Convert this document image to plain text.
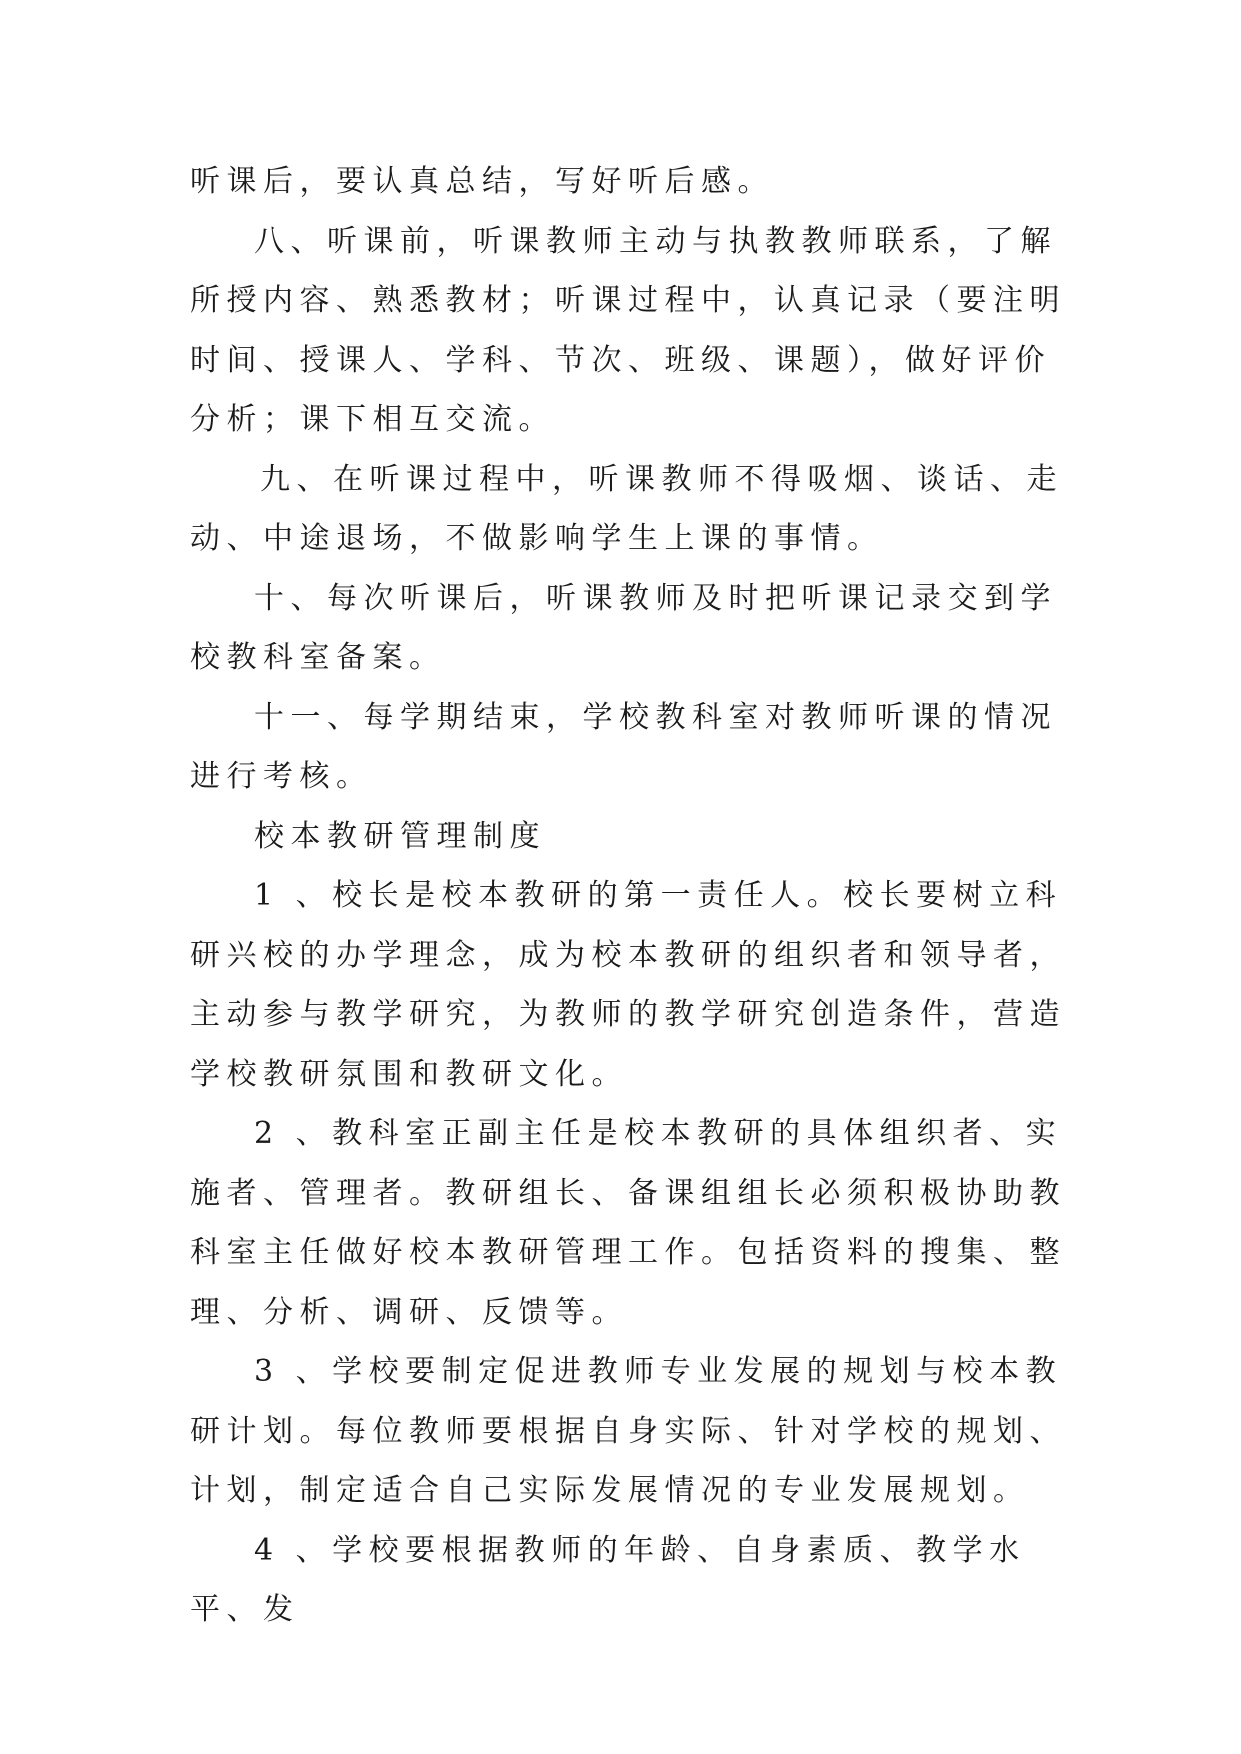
听课后，要认真总结，写好听后感。

八、听课前，听课教师主动与执教教师联系，了解所授内容、熟悉教材；听课过程中，认真记录（要注明时间、授课人、学科、节次、班级、课题），做好评价分析；课下相互交流。

九、在听课过程中，听课教师不得吸烟、谈话、走动、中途退场，不做影响学生上课的事情。

十、每次听课后，听课教师及时把听课记录交到学校教科室备案。

十一、每学期结束，学校教科室对教师听课的情况进行考核。

校本教研管理制度

1 、校长是校本教研的第一责任人。校长要树立科研兴校的办学理念，成为校本教研的组织者和领导者，主动参与教学研究，为教师的教学研究创造条件，营造学校教研氛围和教研文化。

2 、教科室正副主任是校本教研的具体组织者、实施者、管理者。教研组长、备课组组长必须积极协助教科室主任做好校本教研管理工作。包括资料的搜集、整理、分析、调研、反馈等。

3 、学校要制定促进教师专业发展的规划与校本教研计划。每位教师要根据自身实际、针对学校的规划、计划，制定适合自己实际发展情况的专业发展规划。

4 、学校要根据教师的年龄、自身素质、教学水平、发
